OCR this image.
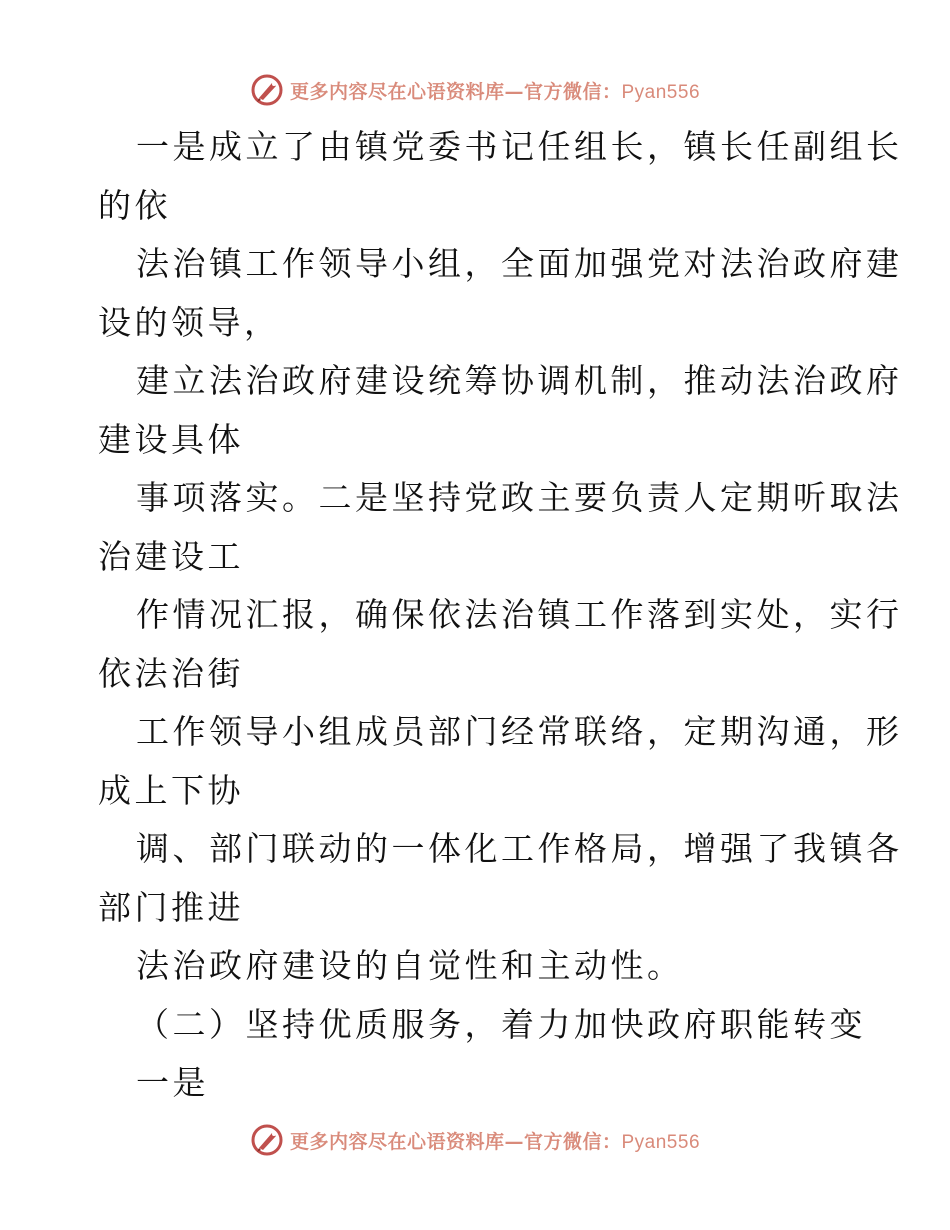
更多内容尽在心语资料库—官方微信：Pyan556
一是成立了由镇党委书记任组长，镇长任副组长
的依
法治镇工作领导小组，全面加强党对法治政府建
设的领导，
建立法治政府建设统筹协调机制，推动法治政府
建设具体
事项落实。二是坚持党政主要负责人定期听取法
治建设工
作情况汇报，确保依法治镇工作落到实处，实行
依法治街
工作领导小组成员部门经常联络，定期沟通，形
成上下协
调、部门联动的一体化工作格局，增强了我镇各
部门推进
法治政府建设的自觉性和主动性。
（二）坚持优质服务，着力加快政府职能转变
一是
更多内容尽在心语资料库—官方微信：Pyan556
